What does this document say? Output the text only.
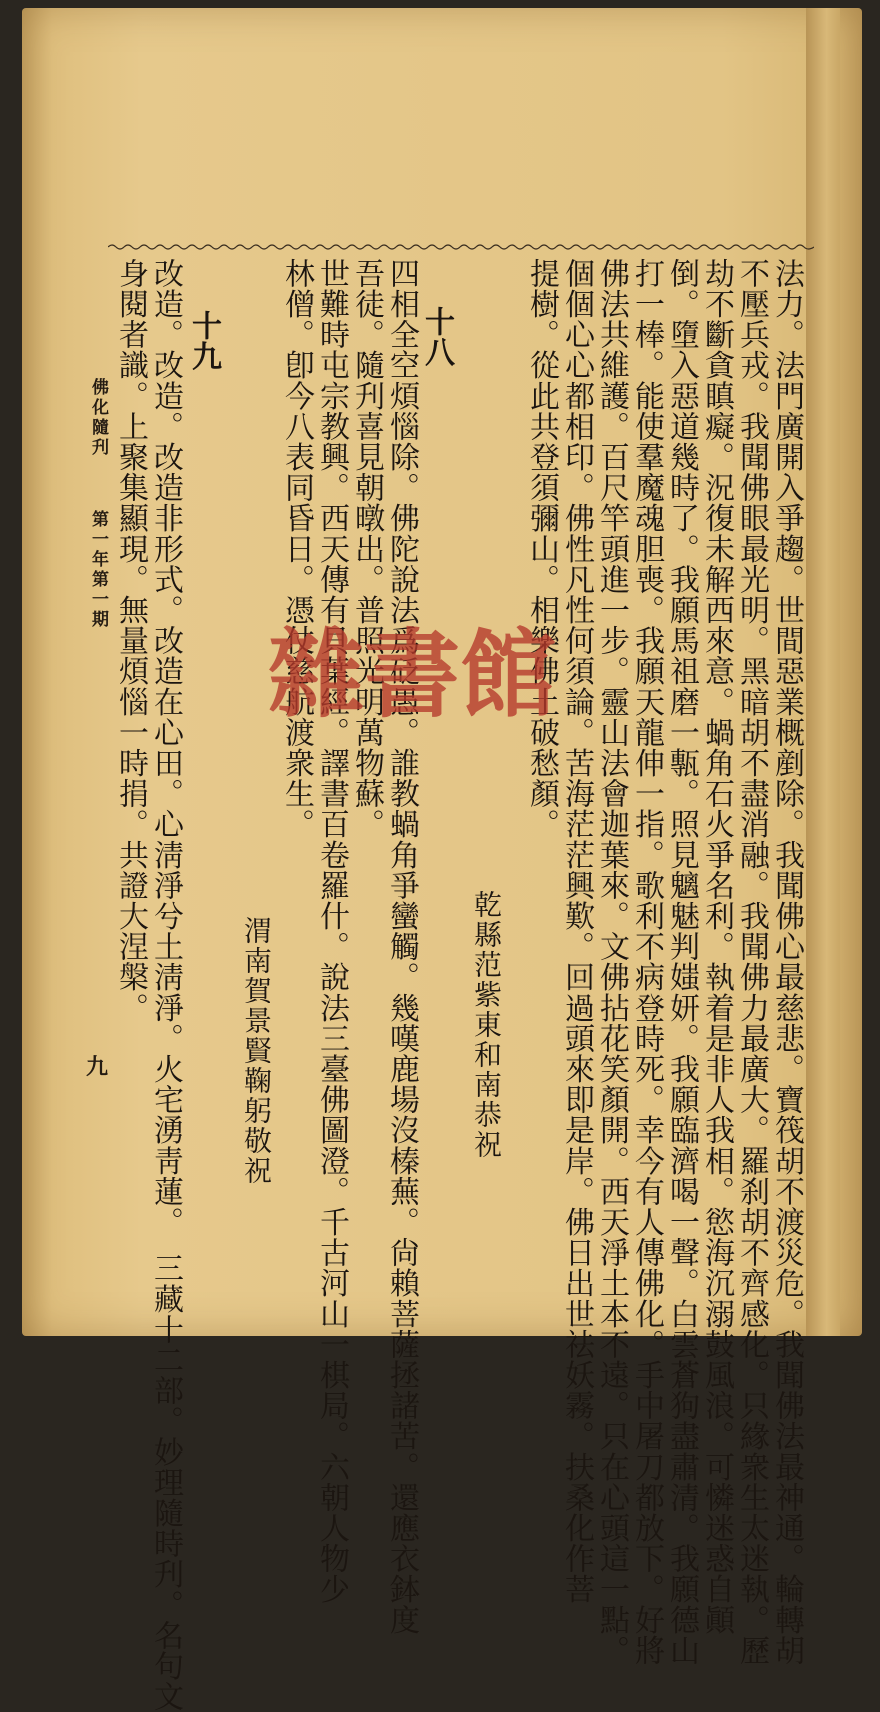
法力。法門廣開入爭趨。世間惡業概剷除。我聞佛心最慈悲。寶筏胡不渡災危。我聞佛法最神通。輪轉胡
不壓兵戎。我聞佛眼最光明。黑暗胡不盡消融。我聞佛力最廣大。羅刹胡不齊感化。只緣衆生太迷執。歷
劫不斷貪瞋癡。況復未解西來意。蝸角石火爭名利。執着是非人我相。慾海沉溺鼓風浪。可憐迷惑自顚
倒。墮入惡道幾時了。我願馬祖磨一甎。照見魑魅判媸妍。我願臨濟喝一聲。白雲蒼狗盡肅清。我願德山
打一棒。能使羣魔魂胆喪。我願天龍伸一指。歌利不病登時死。幸今有人傳佛化。手中屠刀都放下。好將
佛法共維護。百尺竿頭進一步。靈山法會迦葉來。文佛拈花笑顏開。西天淨土本不遠。只在心頭這一點。
個個心心都相印。佛性凡性何須論。苦海茫茫興歎。回過頭來即是岸。佛日出世祛妖霧。扶桑化作菩
提樹。從此共登須彌山。相樂佛土破愁顏。
乾縣范紫東和南恭祝
十八
四相全空煩惱除。佛陀說法爲砭愚。誰教蝸角爭蠻觸。幾嘆鹿場沒榛蕪。尙賴菩薩拯諸苦。還應衣鉢度
吾徒。隨刋喜見朝暾出。普照光明萬物蘇。
世難時屯宗教興。西天傳有貝葉經。譯書百卷羅什。說法三臺佛圖澄。千古河山一棋局。六朝人物少
林僧。卽今八表同昏日。憑仗慈航渡衆生。
渭南賀景賢鞠躬敬祝
十九
改造。改造。改造非形式。改造在心田。心淸淨兮土淸淨。火宅湧靑蓮。　三藏十二部。妙理隨時刋。名句文
身閱者識。上聚集顯現。無量煩惱一時捐。共證大涅槃。
佛化隨刋
第一年第一期
九
雜書館
